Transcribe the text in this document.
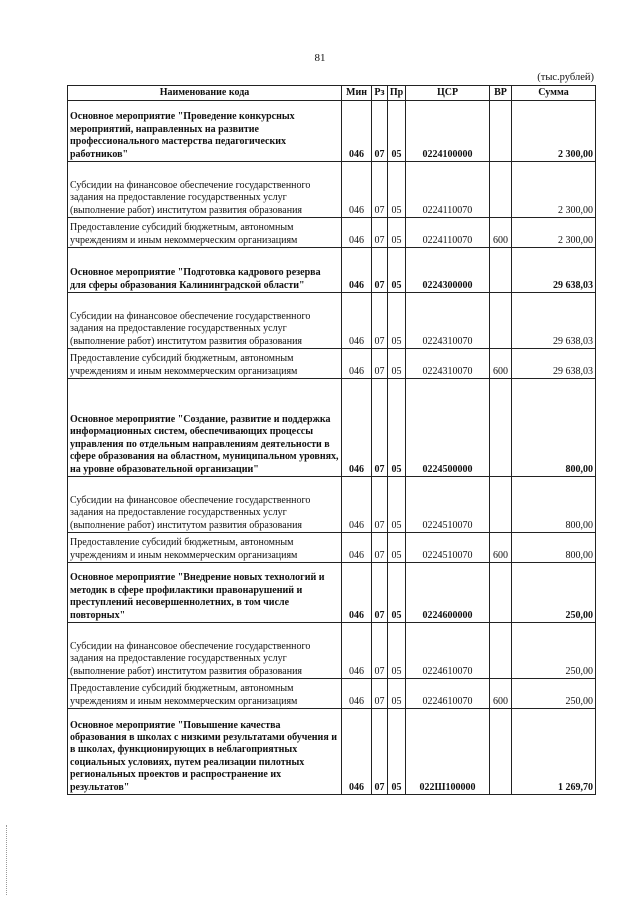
81
(тыс.рублей)
Наименование кода	Мин	Рз	Пр	ЦСР	ВР	Сумма
Основное мероприятие "Проведение конкурсных мероприятий, направленных на развитие профессионального мастерства педагогических работников"	046	07	05	0224100000		2 300,00
Субсидии на финансовое обеспечение государственного задания на предоставление государственных услуг (выполнение работ) институтом развития образования	046	07	05	0224110070		2 300,00
Предоставление субсидий бюджетным, автономным учреждениям и иным некоммерческим организациям	046	07	05	0224110070	600	2 300,00
Основное мероприятие "Подготовка кадрового резерва для сферы образования Калининградской области"	046	07	05	0224300000		29 638,03
Субсидии на финансовое обеспечение государственного задания на предоставление государственных услуг (выполнение работ) институтом развития образования	046	07	05	0224310070		29 638,03
Предоставление субсидий бюджетным, автономным учреждениям и иным некоммерческим организациям	046	07	05	0224310070	600	29 638,03
Основное мероприятие "Создание, развитие и поддержка информационных систем, обеспечивающих процессы управления по отдельным направлениям деятельности в сфере образования на областном, муниципальном уровнях, на уровне образовательной организации"	046	07	05	0224500000		800,00
Субсидии на финансовое обеспечение государственного задания на предоставление государственных услуг (выполнение работ) институтом развития образования	046	07	05	0224510070		800,00
Предоставление субсидий бюджетным, автономным учреждениям и иным некоммерческим организациям	046	07	05	0224510070	600	800,00
Основное мероприятие "Внедрение новых технологий и методик в сфере профилактики правонарушений и преступлений несовершеннолетних, в том числе повторных"	046	07	05	0224600000		250,00
Субсидии на финансовое обеспечение государственного задания на предоставление государственных услуг (выполнение работ) институтом развития образования	046	07	05	0224610070		250,00
Предоставление субсидий бюджетным, автономным учреждениям и иным некоммерческим организациям	046	07	05	0224610070	600	250,00
Основное мероприятие "Повышение качества образования в школах с низкими результатами обучения и в школах, функционирующих в неблагоприятных социальных условиях, путем реализации пилотных региональных проектов и распространение их результатов"	046	07	05	022Ш100000		1 269,70
